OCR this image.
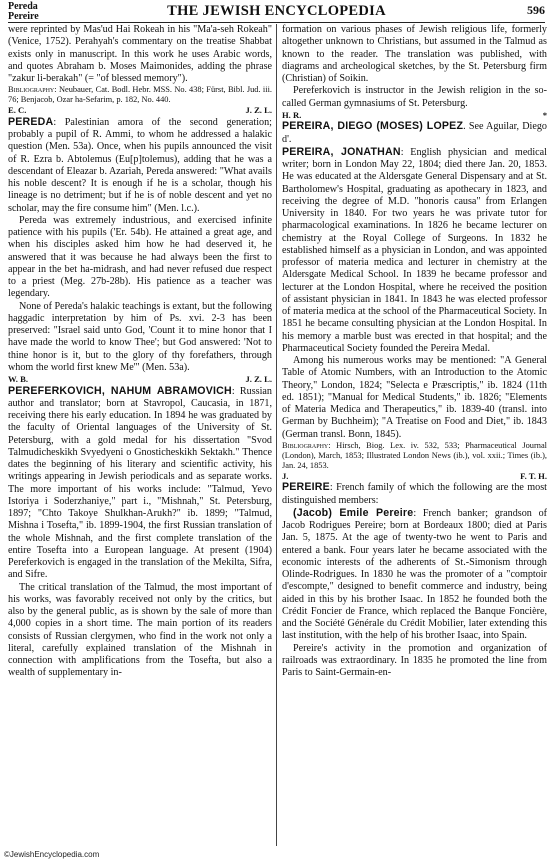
Pereda
Pereire	THE JEWISH ENCYCLOPEDIA	596

were reprinted by Mas'ud Hai Rokeah in his "Ma'a-seh Rokeah" (Venice, 1752). Perahyah's commentary on the treatise Shabbat exists only in manuscript. In this work he uses Arabic words, and quotes Abraham b. Moses Maimonides, adding the phrase "zakur li-berakah" (= "of blessed memory").

Bibliography: Neubauer, Cat. Bodl. Hebr. MSS. No. 438; Fürst, Bibl. Jud. iii. 76; Benjacob, Ozar ha-Sefarim, p. 182, No. 440.

E. C.	J. Z. L.

PEREDA: Palestinian amora of the second generation; probably a pupil of R. Ammi, to whom he addressed a halakic question (Men. 53a). Once, when his pupils announced the visit of R. Ezra b. Abtolemus (Eu[p]tolemus), adding that he was a descendant of Eleazar b. Azariah, Pereda answered: "What avails his noble descent? It is enough if he is a scholar, though his lineage is no detriment; but if he is of noble descent and yet no scholar, may the fire consume him" (Men. l.c.).

Pereda was extremely industrious, and exercised infinite patience with his pupils ('Er. 54b). He attained a great age, and when his disciples asked him how he had deserved it, he answered that it was because he had always been the first to appear in the bet ha-midrash, and had never refused due respect to a priest (Meg. 27b-28b). His patience as a teacher was legendary.

None of Pereda's halakic teachings is extant, but the following haggadic interpretation by him of Ps. xvi. 2-3 has been preserved: "Israel said unto God, 'Count it to mine honor that I have made the world to know Thee'; but God answered: 'Not to thine honor is it, but to the glory of thy forefathers, through whom the world first knew Me'" (Men. 53a).

W. B.	J. Z. L.

PEREFERKOVICH, NAHUM ABRAMOVICH: Russian author and translator; born at Stavropol, Caucasia, in 1871, receiving there his early education. In 1894 he was graduated by the faculty of Oriental languages of the University of St. Petersburg, with a gold medal for his dissertation "Svod Talmudicheskikh Svyedyeni o Gnosticheskikh Sektakh." Thence dates the beginning of his literary and scientific activity, his writings appearing in Jewish periodicals and as separate works. The more important of his works include: "Talmud, Yevo Istoriya i Soderzhaniye," part i., "Mishnah," St. Petersburg, 1897; "Chto Takoye Shulkhan-Arukh?" ib. 1899; "Talmud, Mishna i Tosefta," ib. 1899-1904, the first Russian translation of the whole Mishnah, and the first complete translation of the entire Tosefta into a European language. At present (1904) Pereferkovich is engaged in the translation of the Mekilta, Sifra, and Sifre.

The critical translation of the Talmud, the most important of his works, was favorably received not only by the critics, but also by the general public, as is shown by the sale of more than 4,000 copies in a short time. The main portion of its readers consists of Russian clergymen, who find in the work not only a literal, carefully explained translation of the Mishnah in connection with amplifications from the Tosefta, but also a wealth of supplementary in-

formation on various phases of Jewish religious life, formerly altogether unknown to Christians, but assumed in the Talmud as known to the reader. The translation was published, with diagrams and archeological sketches, by the St. Petersburg firm (Christian) of Soikin.

Pereferkovich is instructor in the Jewish religion in the so-called German gymnasiums of St. Petersburg.

H. R.	*

PEREIRA, DIEGO (MOSES) LOPEZ. See Aguilar, Diego d'.

PEREIRA, JONATHAN: English physician and medical writer; born in London May 22, 1804; died there Jan. 20, 1853. He was educated at the Aldersgate General Dispensary and at St. Bartholomew's Hospital, graduating as apothecary in 1823, and receiving the degree of M.D. "honoris causa" from Erlangen University in 1840. For two years he was private tutor for pharmacological examinations. In 1826 he became lecturer on chemistry at the Royal College of Surgeons. In 1832 he established himself as a physician in London, and was appointed professor of materia medica and lecturer in chemistry at the Aldersgate Medical School. In 1839 he became professor and lecturer at the London Hospital, where he received the position of assistant physician in 1841. In 1843 he was elected professor of materia medica at the school of the Pharmaceutical Society. In 1851 he became consulting physician at the London Hospital. In his memory a marble bust was erected in that hospital; and the Pharmaceutical Society founded the Pereira Medal.

Among his numerous works may be mentioned: "A General Table of Atomic Numbers, with an Introduction to the Atomic Theory," London, 1824; "Selecta e Præscriptis," ib. 1824 (11th ed. 1851); "Manual for Medical Students," ib. 1826; "Elements of Materia Medica and Therapeutics," ib. 1839-40 (transl. into German by Buchheim); "A Treatise on Food and Diet," ib. 1843 (German transl. Bonn, 1845).

Bibliography: Hirsch, Biog. Lex. iv. 532, 533; Pharmaceutical Journal (London), March, 1853; Illustrated London News (ib.), vol. xxii.; Times (ib.), Jan. 24, 1853.

J.	F. T. H.

PEREIRE: French family of which the following are the most distinguished members:

(Jacob) Emile Pereire: French banker; grandson of Jacob Rodrigues Pereire; born at Bordeaux 1800; died at Paris Jan. 5, 1875. At the age of twenty-two he went to Paris and entered a bank. Four years later he became associated with the economic interests of the adherents of St.-Simonism through Olinde-Rodrigues. In 1830 he was the promoter of a "comptoir d'escompte," designed to benefit commerce and industry, being aided in this by his brother Isaac. In 1852 he founded both the Crédit Foncier de France, which replaced the Banque Foncière, and the Société Générale du Crédit Mobilier, later extending this last institution, with the help of his brother Isaac, into Spain.

Pereire's activity in the promotion and organization of railroads was extraordinary. In 1835 he promoted the line from Paris to Saint-Germain-en-

©JewishEncyclopedia.com
